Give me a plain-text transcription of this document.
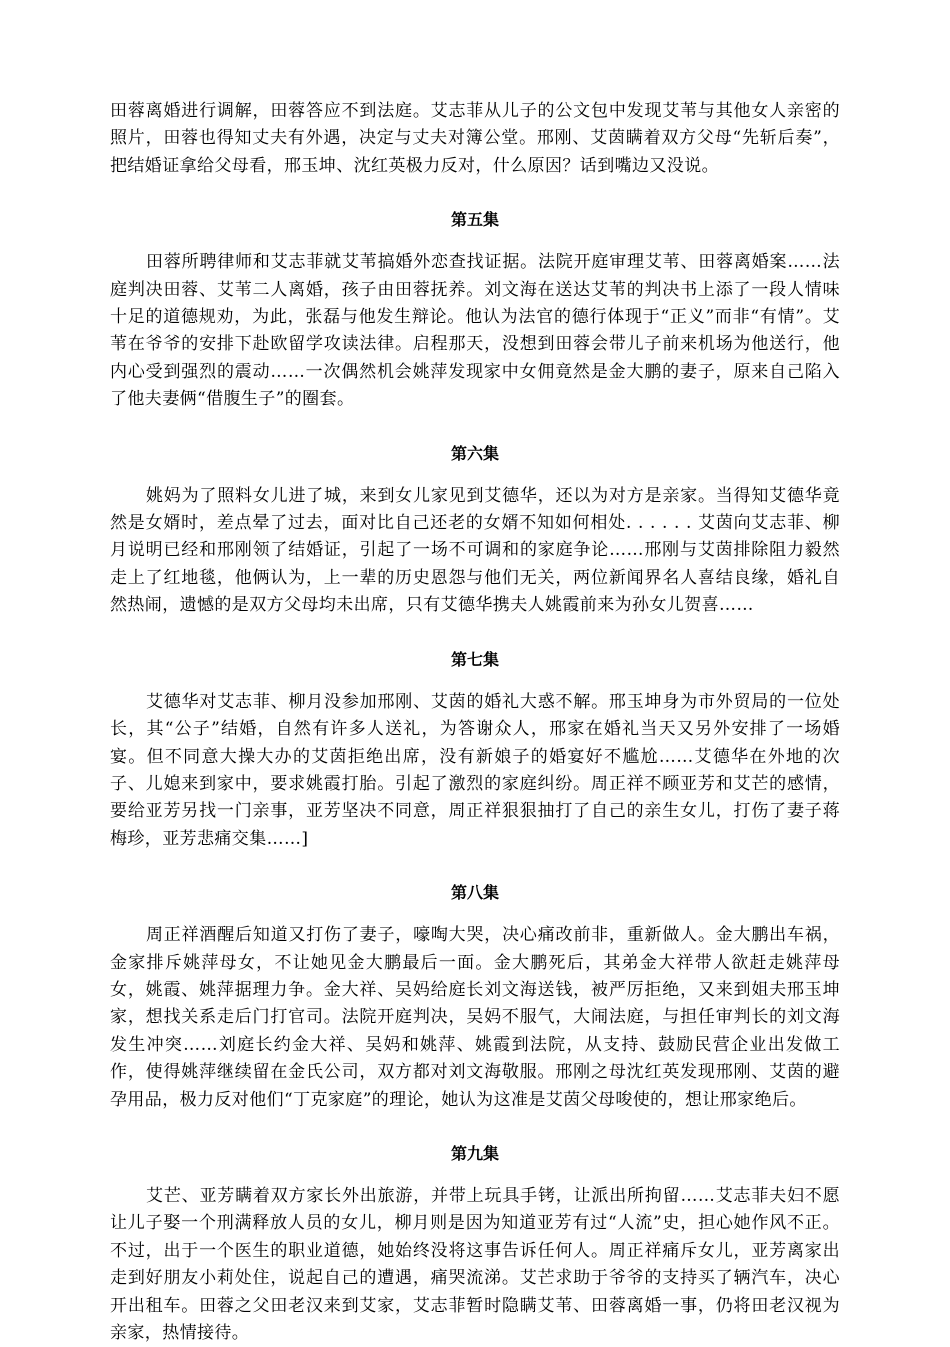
田蓉离婚进行调解，田蓉答应不到法庭。艾志菲从儿子的公文包中发现艾苇与其他女人亲密的照片，田蓉也得知丈夫有外遇，决定与丈夫对簿公堂。邢刚、艾茵瞒着双方父母“先斩后奏”，把结婚证拿给父母看，邢玉坤、沈红英极力反对，什么原因？话到嘴边又没说。

第五集

田蓉所聘律师和艾志菲就艾苇搞婚外恋查找证据。法院开庭审理艾苇、田蓉离婚案……法庭判决田蓉、艾苇二人离婚，孩子由田蓉抚养。刘文海在送达艾苇的判决书上添了一段人情味十足的道德规劝，为此，张磊与他发生辩论。他认为法官的德行体现于“正义”而非“有情”。艾苇在爷爷的安排下赴欧留学攻读法律。启程那天，没想到田蓉会带儿子前来机场为他送行，他内心受到强烈的震动……一次偶然机会姚萍发现家中女佣竟然是金大鹏的妻子，原来自己陷入了他夫妻俩“借腹生子”的圈套。

第六集

姚妈为了照料女儿进了城，来到女儿家见到艾德华，还以为对方是亲家。当得知艾德华竟然是女婿时，差点晕了过去，面对比自己还老的女婿不知如何相处. . . . . . 艾茵向艾志菲、柳月说明已经和邢刚领了结婚证，引起了一场不可调和的家庭争论……邢刚与艾茵排除阻力毅然走上了红地毯，他俩认为，上一辈的历史恩怨与他们无关，两位新闻界名人喜结良缘，婚礼自然热闹，遗憾的是双方父母均未出席，只有艾德华携夫人姚霞前来为孙女儿贺喜……

第七集

艾德华对艾志菲、柳月没参加邢刚、艾茵的婚礼大惑不解。邢玉坤身为市外贸局的一位处长，其“公子”结婚，自然有许多人送礼，为答谢众人，邢家在婚礼当天又另外安排了一场婚宴。但不同意大操大办的艾茵拒绝出席，没有新娘子的婚宴好不尴尬……艾德华在外地的次子、儿媳来到家中，要求姚霞打胎。引起了激烈的家庭纠纷。周正祥不顾亚芳和艾芒的感情，要给亚芳另找一门亲事，亚芳坚决不同意，周正祥狠狠抽打了自己的亲生女儿，打伤了妻子蒋梅珍，亚芳悲痛交集……]

第八集

周正祥酒醒后知道又打伤了妻子，嚎啕大哭，决心痛改前非，重新做人。金大鹏出车祸，金家排斥姚萍母女，不让她见金大鹏最后一面。金大鹏死后，其弟金大祥带人欲赶走姚萍母女，姚霞、姚萍据理力争。金大祥、吴妈给庭长刘文海送钱，被严厉拒绝，又来到姐夫邢玉坤家，想找关系走后门打官司。法院开庭判决，吴妈不服气，大闹法庭，与担任审判长的刘文海发生冲突……刘庭长约金大祥、吴妈和姚萍、姚霞到法院，从支持、鼓励民营企业出发做工作，使得姚萍继续留在金氏公司，双方都对刘文海敬服。邢刚之母沈红英发现邢刚、艾茵的避孕用品，极力反对他们“丁克家庭”的理论，她认为这准是艾茵父母唆使的，想让邢家绝后。

第九集

艾芒、亚芳瞒着双方家长外出旅游，并带上玩具手铐，让派出所拘留……艾志菲夫妇不愿让儿子娶一个刑满释放人员的女儿，柳月则是因为知道亚芳有过“人流”史，担心她作风不正。不过，出于一个医生的职业道德，她始终没将这事告诉任何人。周正祥痛斥女儿，亚芳离家出走到好朋友小莉处住，说起自己的遭遇，痛哭流涕。艾芒求助于爷爷的支持买了辆汽车，决心开出租车。田蓉之父田老汉来到艾家，艾志菲暂时隐瞒艾苇、田蓉离婚一事，仍将田老汉视为亲家，热情接待。
